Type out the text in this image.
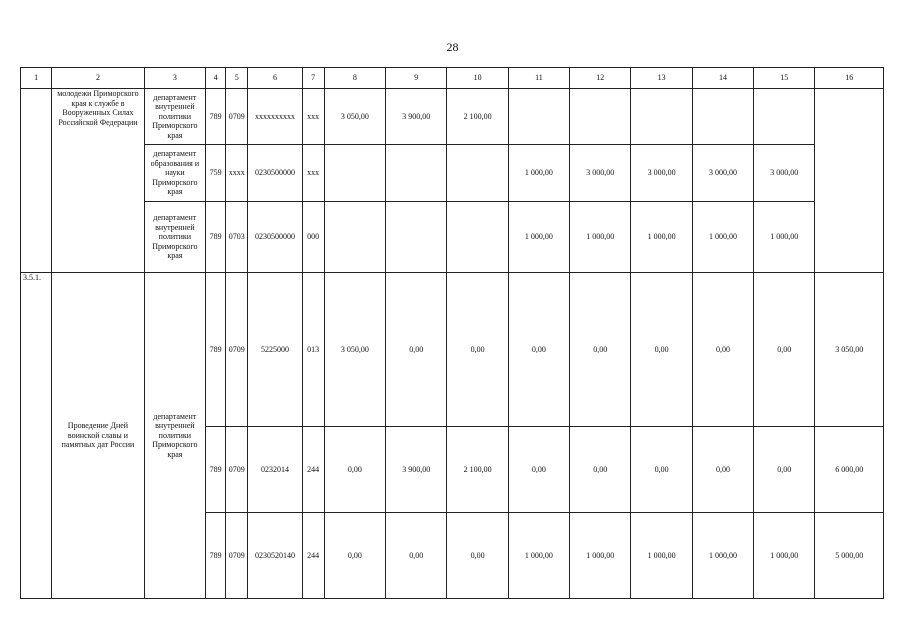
28
1	2	3	4	5	6	7	8	9	10	11	12	13	14	15	16
	молодежи Приморского края к службе в Вооруженных Силах Российской Федерации	департамент внутренней политики Приморского края	789	0709	xxxxxxxxxx	xxx	3 050,00	3 900,00	2 100,00						
		департамент образования и науки Приморского края	759	xxxx	0230500000	xxx				1 000,00	3 000,00	3 000,00	3 000,00	3 000,00	
		департамент внутренней политики Приморского края	789	0703	0230500000	000				1 000,00	1 000,00	1 000,00	1 000,00	1 000,00	
3.5.1.	Проведение Дней воинской славы и памятных дат России	департамент внутренней политики Приморского края	789	0709	5225000	013	3 050,00	0,00	0,00	0,00	0,00	0,00	0,00	0,00	3 050,00
			789	0709	0232014	244	0,00	3 900,00	2 100,00	0,00	0,00	0,00	0,00	0,00	6 000,00
			789	0709	0230520140	244	0,00	0,00	0,00	1 000,00	1 000,00	1 000,00	1 000,00	1 000,00	5 000,00
